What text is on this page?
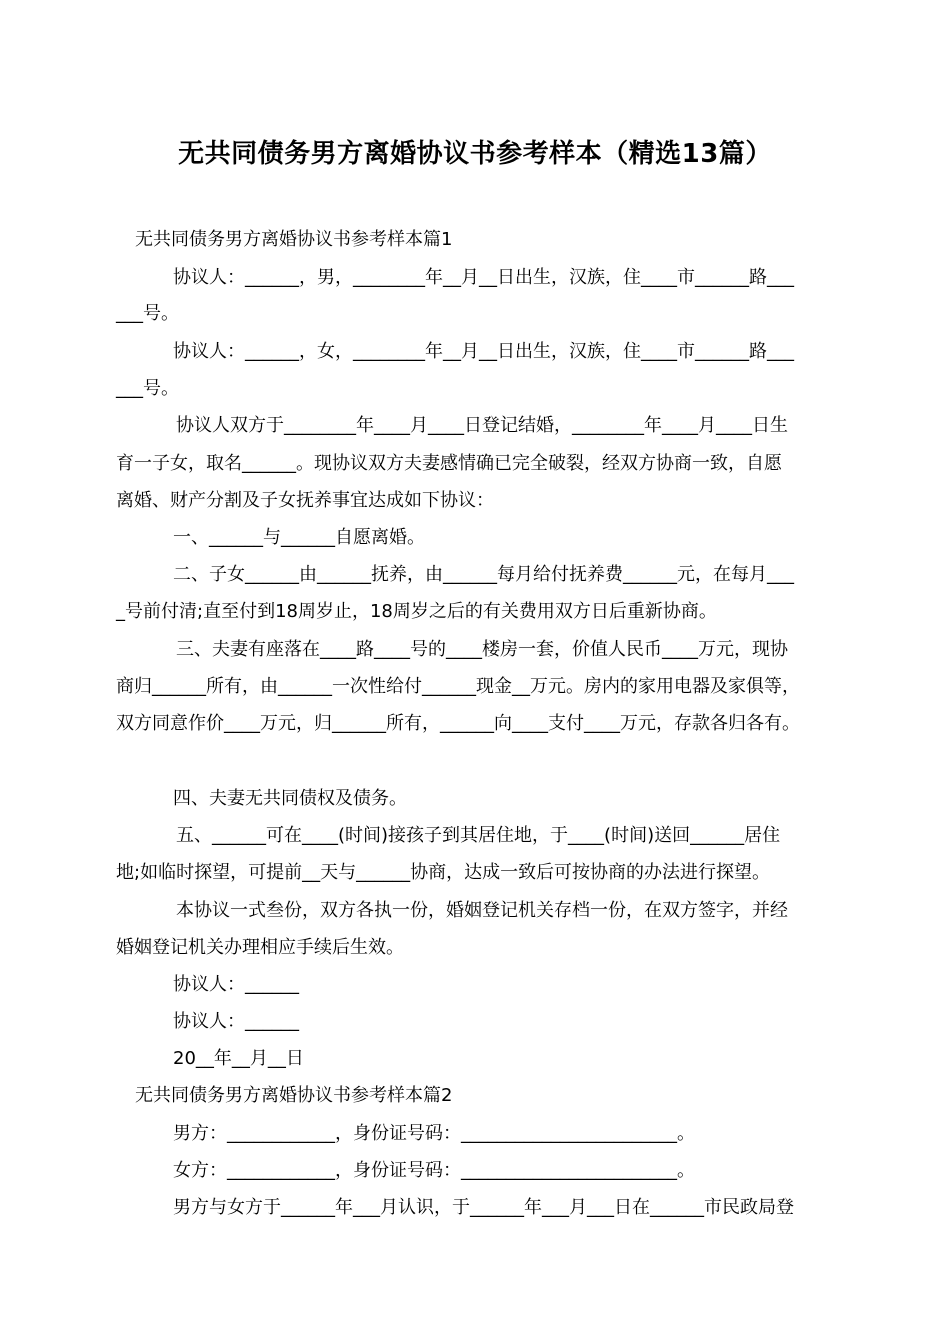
无共同债务男方离婚协议书参考样本（精选13篇）
无共同债务男方离婚协议书参考样本篇1
协议人：______，男，________年__月__日出生，汉族，住____市______路___
___号。
协议人：______，女，________年__月__日出生，汉族，住____市______路___
___号。
协议人双方于________年____月____日登记结婚，________年____月____日生
育一子女，取名______。现协议双方夫妻感情确已完全破裂，经双方协商一致，自愿
离婚、财产分割及子女抚养事宜达成如下协议：
一、______与______自愿离婚。
二、子女______由______抚养，由______每月给付抚养费______元，在每月___
_号前付清;直至付到18周岁止，18周岁之后的有关费用双方日后重新协商。
三、夫妻有座落在____路____号的____楼房一套，价值人民币____万元，现协
商归______所有，由______一次性给付______现金__万元。房内的家用电器及家俱等，
双方同意作价____万元，归______所有，______向____支付____万元，存款各归各有。
四、夫妻无共同债权及债务。
五、______可在____(时间)接孩子到其居住地，于____(时间)送回______居住
地;如临时探望，可提前__天与______协商，达成一致后可按协商的办法进行探望。
本协议一式叁份，双方各执一份，婚姻登记机关存档一份，在双方签字，并经
婚姻登记机关办理相应手续后生效。
协议人：______
协议人：______
20__年__月__日
无共同债务男方离婚协议书参考样本篇2
男方：____________，身份证号码：________________________。
女方：____________，身份证号码：________________________。
男方与女方于______年___月认识，于______年___月___日在______市民政局登
